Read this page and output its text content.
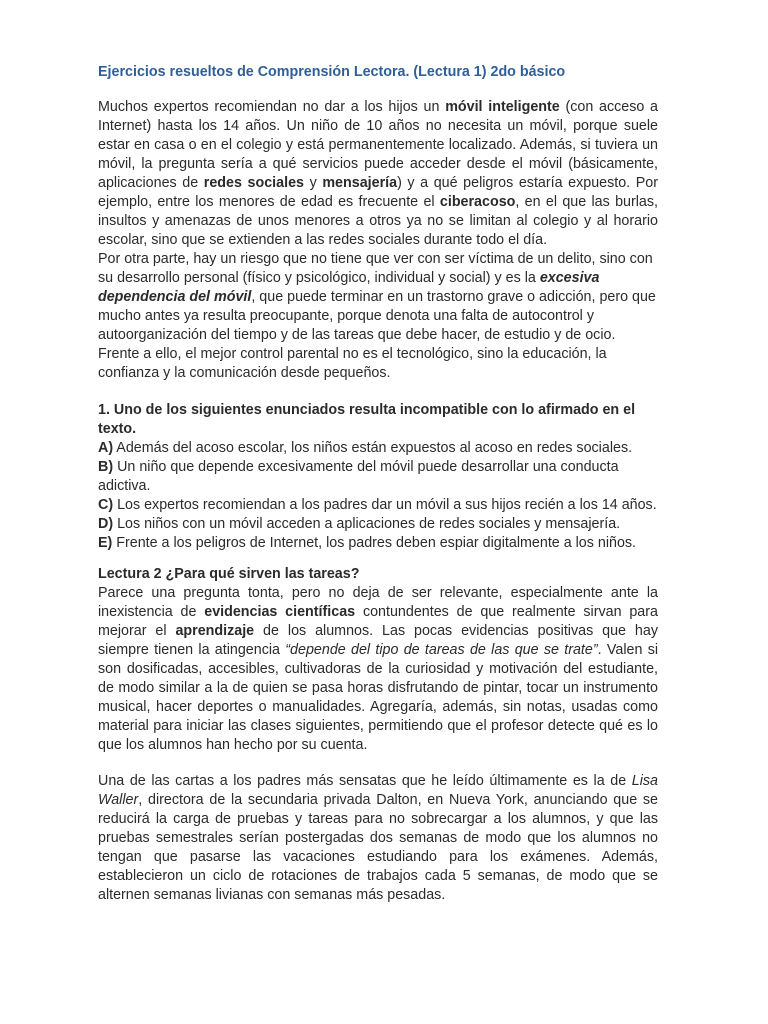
Ejercicios resueltos de Comprensión Lectora. (Lectura 1) 2do básico

Muchos expertos recomiendan no dar a los hijos un móvil inteligente (con acceso a Internet) hasta los 14 años. Un niño de 10 años no necesita un móvil, porque suele estar en casa o en el colegio y está permanentemente localizado. Además, si tuviera un móvil, la pregunta sería a qué servicios puede acceder desde el móvil (básicamente, aplicaciones de redes sociales y mensajería) y a qué peligros estaría expuesto. Por ejemplo, entre los menores de edad es frecuente el ciberacoso, en el que las burlas, insultos y amenazas de unos menores a otros ya no se limitan al colegio y al horario escolar, sino que se extienden a las redes sociales durante todo el día.

Por otra parte, hay un riesgo que no tiene que ver con ser víctima de un delito, sino con su desarrollo personal (físico y psicológico, individual y social) y es la excesiva dependencia del móvil, que puede terminar en un trastorno grave o adicción, pero que mucho antes ya resulta preocupante, porque denota una falta de autocontrol y autoorganización del tiempo y de las tareas que debe hacer, de estudio y de ocio. Frente a ello, el mejor control parental no es el tecnológico, sino la educación, la confianza y la comunicación desde pequeños.

1. Uno de los siguientes enunciados resulta incompatible con lo afirmado en el texto.

A) Además del acoso escolar, los niños están expuestos al acoso en redes sociales.

B) Un niño que depende excesivamente del móvil puede desarrollar una conducta adictiva.

C) Los expertos recomiendan a los padres dar un móvil a sus hijos recién a los 14 años.

D) Los niños con un móvil acceden a aplicaciones de redes sociales y mensajería.

E) Frente a los peligros de Internet, los padres deben espiar digitalmente a los niños.

Lectura 2 ¿Para qué sirven las tareas?

Parece una pregunta tonta, pero no deja de ser relevante, especialmente ante la inexistencia de evidencias científicas contundentes de que realmente sirvan para mejorar el aprendizaje de los alumnos. Las pocas evidencias positivas que hay siempre tienen la atingencia “depende del tipo de tareas de las que se trate”. Valen si son dosificadas, accesibles, cultivadoras de la curiosidad y motivación del estudiante, de modo similar a la de quien se pasa horas disfrutando de pintar, tocar un instrumento musical, hacer deportes o manualidades. Agregaría, además, sin notas, usadas como material para iniciar las clases siguientes, permitiendo que el profesor detecte qué es lo que los alumnos han hecho por su cuenta.

Una de las cartas a los padres más sensatas que he leído últimamente es la de Lisa Waller, directora de la secundaria privada Dalton, en Nueva York, anunciando que se reducirá la carga de pruebas y tareas para no sobrecargar a los alumnos, y que las pruebas semestrales serían postergadas dos semanas de modo que los alumnos no tengan que pasarse las vacaciones estudiando para los exámenes. Además, establecieron un ciclo de rotaciones de trabajos cada 5 semanas, de modo que se alternen semanas livianas con semanas más pesadas.
